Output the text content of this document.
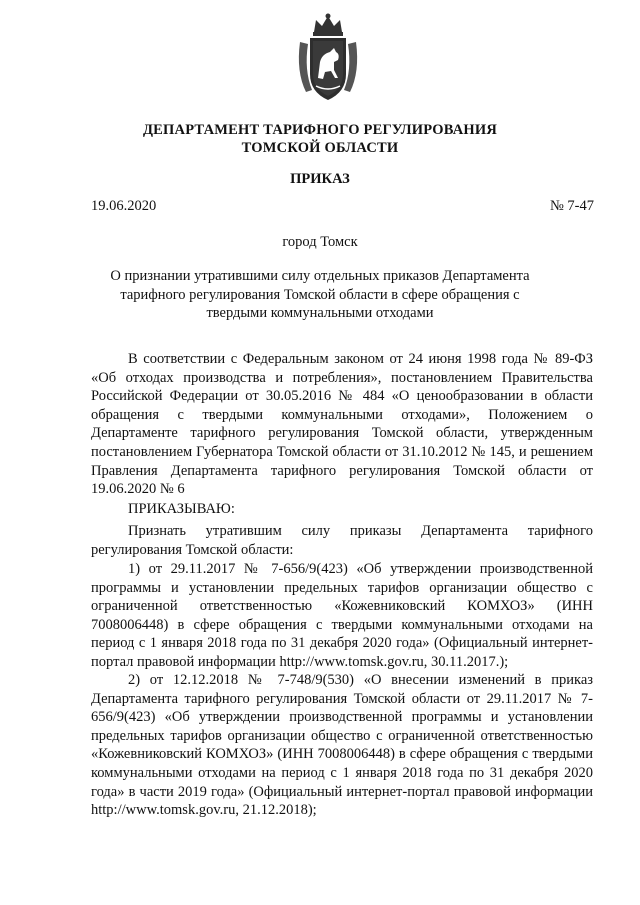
ДЕПАРТАМЕНТ ТАРИФНОГО РЕГУЛИРОВАНИЯ
ТОМСКОЙ ОБЛАСТИ
ПРИКАЗ
19.06.2020	№ 7-47
город Томск
О признании утратившими силу отдельных приказов Департамента тарифного регулирования Томской области в сфере обращения с твердыми коммунальными отходами

В соответствии с Федеральным законом от 24 июня 1998 года № 89-ФЗ «Об отходах производства и потребления», постановлением Правительства Российской Федерации от 30.05.2016 № 484 «О ценообразовании в области обращения с твердыми коммунальными отходами», Положением о Департаменте тарифного регулирования Томской области, утвержденным постановлением Губернатора Томской области от 31.10.2012 № 145, и решением Правления Департамента тарифного регулирования Томской области от 19.06.2020 № 6

ПРИКАЗЫВАЮ:

Признать утратившим силу приказы Департамента тарифного регулирования Томской области:

1) от 29.11.2017 № 7-656/9(423) «Об утверждении производственной программы и установлении предельных тарифов организации общество с ограниченной ответственностью «Кожевниковский КОМХОЗ» (ИНН 7008006448) в сфере обращения с твердыми коммунальными отходами на период с 1 января 2018 года по 31 декабря 2020 года» (Официальный интернет-портал правовой информации http://www.tomsk.gov.ru, 30.11.2017.);

2) от 12.12.2018 № 7-748/9(530) «О внесении изменений в приказ Департамента тарифного регулирования Томской области от 29.11.2017 № 7-656/9(423) «Об утверждении производственной программы и установлении предельных тарифов организации общество с ограниченной ответственностью «Кожевниковский КОМХОЗ» (ИНН 7008006448) в сфере обращения с твердыми коммунальными отходами на период с 1 января 2018 года по 31 декабря 2020 года» в части 2019 года» (Официальный интернет-портал правовой информации http://www.tomsk.gov.ru, 21.12.2018);
